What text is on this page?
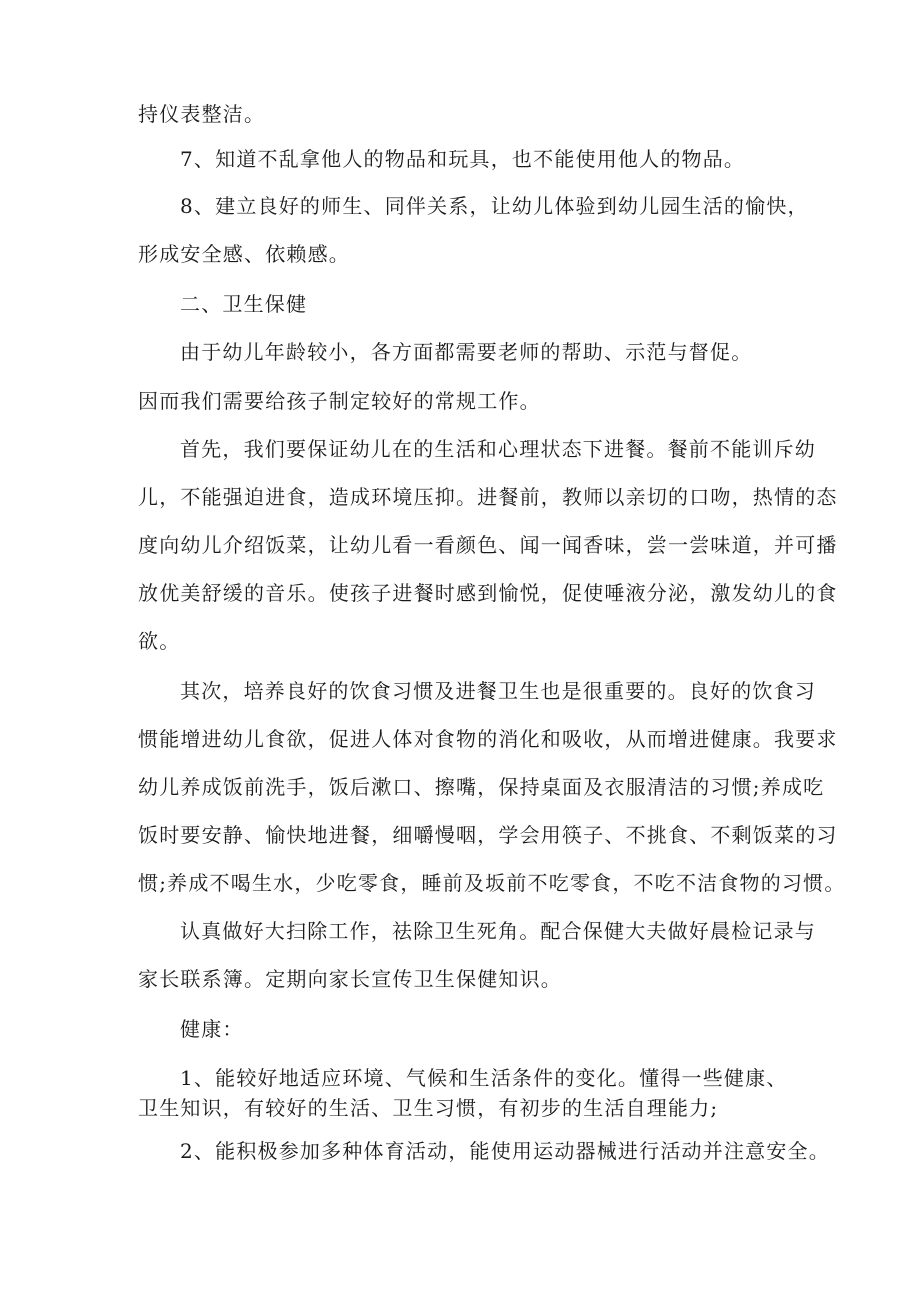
持仪表整洁。

7、知道不乱拿他人的物品和玩具，也不能使用他人的物品。

8、建立良好的师生、同伴关系，让幼儿体验到幼儿园生活的愉快，

形成安全感、依赖感。

二、卫生保健

由于幼儿年龄较小，各方面都需要老师的帮助、示范与督促。

因而我们需要给孩子制定较好的常规工作。

首先，我们要保证幼儿在的生活和心理状态下进餐。餐前不能训斥幼

儿，不能强迫进食，造成环境压抑。进餐前，教师以亲切的口吻，热情的态

度向幼儿介绍饭菜，让幼儿看一看颜色、闻一闻香味，尝一尝味道，并可播

放优美舒缓的音乐。使孩子进餐时感到愉悦，促使唾液分泌，激发幼儿的食

欲。

其次，培养良好的饮食习惯及进餐卫生也是很重要的。良好的饮食习

惯能增进幼儿食欲，促进人体对食物的消化和吸收，从而增进健康。我要求

幼儿养成饭前洗手，饭后漱口、擦嘴，保持桌面及衣服清洁的习惯;养成吃

饭时要安静、愉快地进餐，细嚼慢咽，学会用筷子、不挑食、不剩饭菜的习

惯;养成不喝生水，少吃零食，睡前及坂前不吃零食，不吃不洁食物的习惯。

认真做好大扫除工作，祛除卫生死角。配合保健大夫做好晨检记录与

家长联系簿。定期向家长宣传卫生保健知识。

健康：

1、能较好地适应环境、气候和生活条件的变化。懂得一些健康、

卫生知识，有较好的生活、卫生习惯，有初步的生活自理能力;

2、能积极参加多种体育活动，能使用运动器械进行活动并注意安全。
